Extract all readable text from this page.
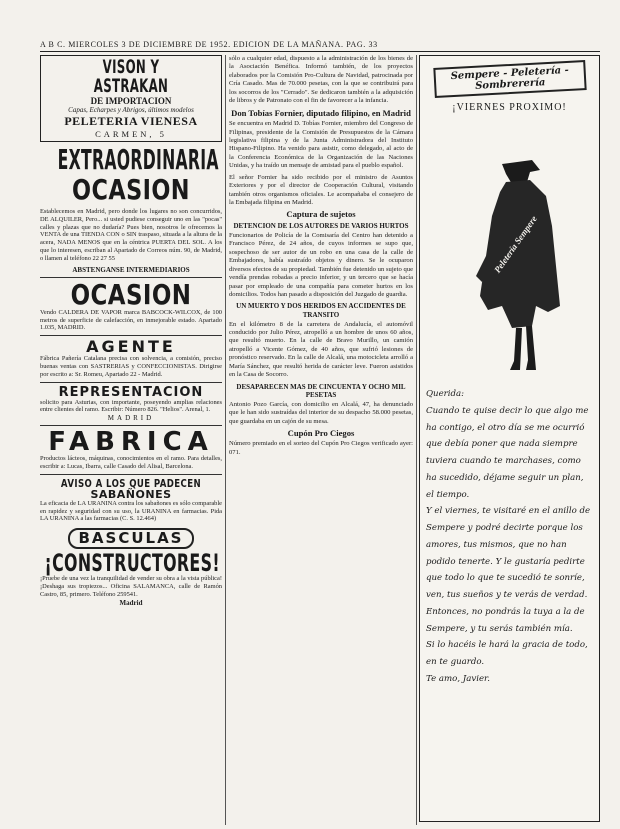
A B C. MIERCOLES 3 DE DICIEMBRE DE 1952. EDICION DE LA MAÑANA. PAG. 33
VISON Y ASTRAKAN
DE IMPORTACION
Capas, Echarpes y Abrigos, últimos modelos
PELETERIA VIENESA
CARMEN, 5
EXTRAORDINARIA
OCASION

Establecemos en Madrid, pero donde los lugares no son concurridos, DE ALQUILER, Pero... si usted pudiese conseguir uno en las "pocas" calles y plazas que no dudaría? Pues bien, nosotros le ofrecemos la VENTA de una TIENDA CON o SIN traspaso, situada a la altura de la acera, NADA MENOS que en la céntrica PUERTA DEL SOL. A los que lo interesen, escriban al Apartado de Correos núm. 90, de Madrid, o llamen al teléfono 22 27 55

ABSTENGANSE INTERMEDIARIOS
OCASION

Vendo CALDERA DE VAPOR marca BABCOCK-WILCOX, de 100 metros de superficie de calefacción, en inmejorable estado. Apartado 1.035, MADRID.

AGENTE

Fábrica Pañería Catalana precisa con solvencia, a comisión, preciso buenas ventas con SASTRERIAS y CONFECCIONISTAS. Dirigirse por escrito a: Sr. Romeu, Apartado 22 - Madrid.

REPRESENTACION

solicito para Asturias, con importante, poseyendo amplias relaciones entre clientes del ramo. Escribir: Número 826. "Helios". Arenal, 1.

MADRID
FABRICA

Productos lácteos, máquinas, conocimientos en el ramo. Para detalles, escribir a: Lucas, Ibarra, calle Casado del Alisal, Barcelona.

AVISO A LOS QUE PADECEN
SABAÑONES

La eficacia de LA URANINA contra los sabañones es sólo comparable en rapidez y seguridad con su uso, la URANINA en farmacias. Pida LA URANINA a las farmacias (C. S. 12.464)

BASCULAS
¡CONSTRUCTORES!

¡Pruebe de una vez la tranquilidad de vender su obra a la vista pública! ¡Deshaga sus tropiezos... Oficina SALAMANCA, calle de Ramón Castro, 85, primero. Teléfono 259541.

Madrid

sólo a cualquier edad, dispuesto a la administración de los bienes de la Asociación Benéfica. Informó también, de los proyectos elaborados por la Comisión Pro-Cultura de Navidad, patrocinada por Cría Casado. Mas de 70.000 pesetas, con la que se contribuirá para los socorros de los "Cerrado". Se dedicaron también a la adquisición de libros y de Patronato con el fin de favorecer a la infancia.

Don Tobías Fornier, diputado filipino, en Madrid

Se encuentra en Madrid D. Tobías Fornier, miembro del Congreso de Filipinas, presidente de la Comisión de Presupuestos de la Cámara legislativa filipina y de la Junta Administradora del Instituto Hispano-Filipino. Ha venido para asistir, como delegado, al acto de la Conferencia Económica de la Organización de las Naciones Unidas, y ha traído un mensaje de amistad para el pueblo español.

El señor Fornier ha sido recibido por el ministro de Asuntos Exteriores y por el director de Cooperación Cultural, visitando también otros organismos oficiales. Le acompañaba el consejero de la Embajada filipina en Madrid.

Captura de sujetos
DETENCION DE LOS AUTORES DE VARIOS HURTOS

Funcionarios de Policía de la Comisaría del Centro han detenido a Francisco Pérez, de 24 años, de cuyos informes se supo que, sospechoso de ser autor de un robo en una casa de la calle de Embajadores, había sustraído objetos y dinero. Se le ocuparon diversos efectos de su propiedad. También fue detenido un sujeto que vendía prendas robadas a precio inferior, y un tercero que se hacía pasar por empleado de una compañía para cometer hurtos en los domicilios. Todos han pasado a disposición del Juzgado de guardia.

UN MUERTO Y DOS HERIDOS EN ACCIDENTES DE TRANSITO

En el kilómetro 8 de la carretera de Andalucía, el automóvil conducido por Julio Pérez, atropelló a un hombre de unos 60 años, que resultó muerto. En la calle de Bravo Murillo, un camión atropelló a Vicente Gómez, de 40 años, que sufrió lesiones de pronóstico reservado. En la calle de Alcalá, una motocicleta arrolló a María Sánchez, que resultó herida de carácter leve. Fueron asistidos en la Casa de Socorro.

DESAPARECEN MAS DE CINCUENTA Y OCHO MIL PESETAS

Antonio Pozo García, con domicilio en Alcalá, 47, ha denunciado que le han sido sustraídas del interior de su despacho 58.000 pesetas, que guardaba en un cajón de su mesa.

Cupón Pro Ciegos

Número premiado en el sorteo del Cupón Pro Ciegos verificado ayer: 071.

Sempere - Peletería - Sombrerería
¡VIERNES PROXIMO!
Peletería Sempere
Querida:
Cuando te quise decir lo que algo me ha contigo, el otro día se me ocurrió que debía poner que nada siempre tuviera cuando te marchases, como ha sucedido, déjame seguir un plan, el tiempo.
Y el viernes, te visitaré en el anillo de Sempere y podré decirte porque los amores, tus mismos, que no han podido tenerte. Y le gustaría pedirte que todo lo que te sucedió te sonríe, ven, tus sueños y te verás de verdad. Entonces, no pondrás la tuya a la de Sempere, y tu serás también mía.
Si lo hacéis le hará la gracia de todo, en te guardo.
Te amo, Javier.
